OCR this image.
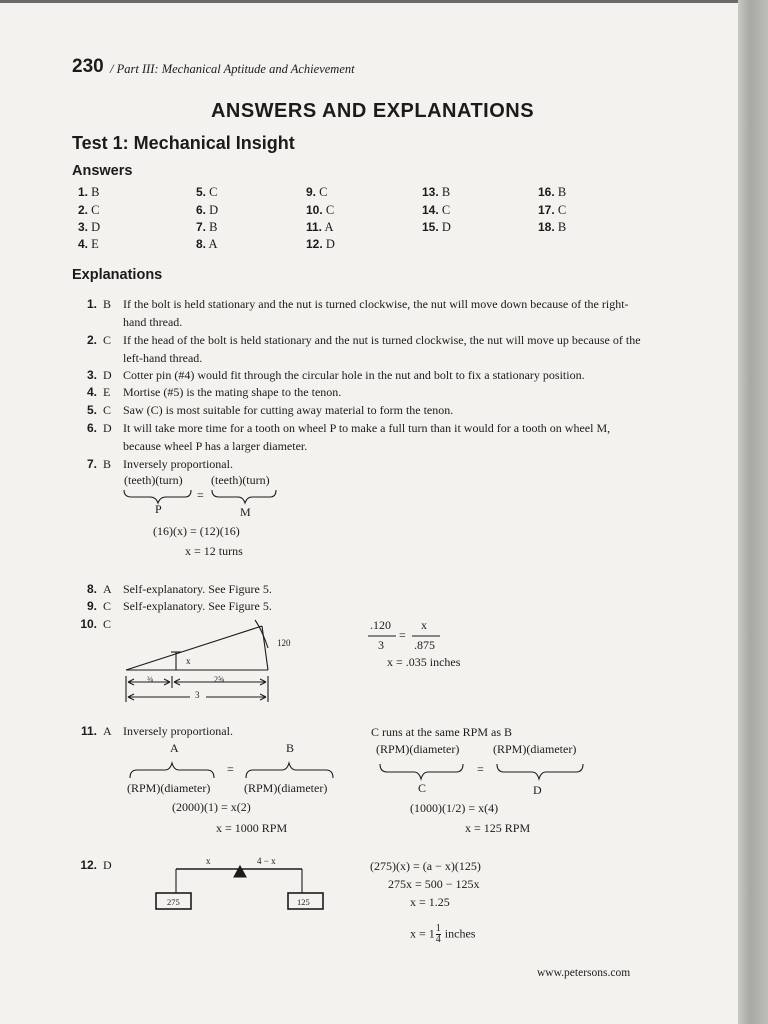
230 / Part III: Mechanical Aptitude and Achievement
ANSWERS AND EXPLANATIONS
Test 1: Mechanical Insight
Answers
1. B
2. C
3. D
4. E
5. C
6. D
7. B
8. A
9. C
10. C
11. A
12. D
13. B
14. C
15. D
16. B
17. C
18. B
Explanations
1. B If the bolt is held stationary and the nut is turned clockwise, the nut will move down because of the right-hand thread.
2. C If the head of the bolt is held stationary and the nut is turned clockwise, the nut will move up because of the left-hand thread.
3. D Cotter pin (#4) would fit through the circular hole in the nut and bolt to fix a stationary position.
4. E Mortise (#5) is the mating shape to the tenon.
5. C Saw (C) is most suitable for cutting away material to form the tenon.
6. D It will take more time for a tooth on wheel P to make a full turn than it would for a tooth on wheel M, because wheel P has a larger diameter.
7. B Inversely proportional.
(teeth)(turn)
=
(teeth)(turn)
P	M
(16)(x) = (12)(16)
x = 12 turns
8. A Self-explanatory. See Figure 5.
9. C Self-explanatory. See Figure 5.
10. C
120
x
⅜	2⅝
3
.120
3
=
x
.875
x = .035 inches
11. A Inversely proportional.
A	B
=
(RPM)(diameter)	(RPM)(diameter)
(2000)(1) = x(2)
x = 1000 RPM
C runs at the same RPM as B
(RPM)(diameter)	(RPM)(diameter)
=
C	D
(1000)(1/2) = x(4)
x = 125 RPM
12. D	x	4 − x
275	125
(275)(x) = (a − x)(125)
275x = 500 − 125x
x = 1.25
$x = 1 \frac{1}{4}$ inches
www.petersons.com
